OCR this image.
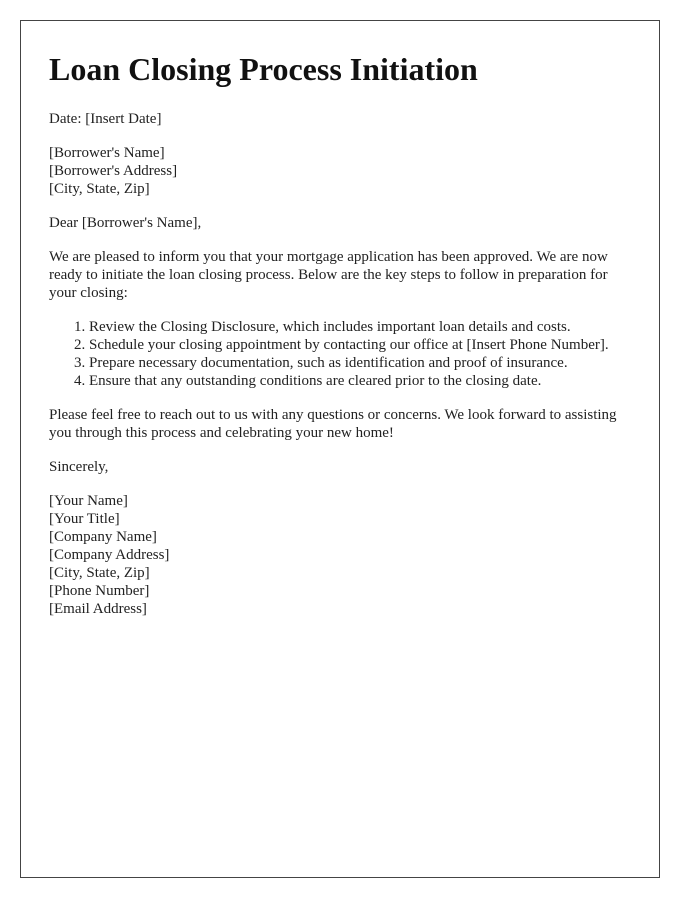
Loan Closing Process Initiation

Date: [Insert Date]

[Borrower's Name]
[Borrower's Address]
[City, State, Zip]

Dear [Borrower's Name],

We are pleased to inform you that your mortgage application has been approved. We are now ready to initiate the loan closing process. Below are the key steps to follow in preparation for your closing:

1. Review the Closing Disclosure, which includes important loan details and costs.
2. Schedule your closing appointment by contacting our office at [Insert Phone Number].
3. Prepare necessary documentation, such as identification and proof of insurance.
4. Ensure that any outstanding conditions are cleared prior to the closing date.

Please feel free to reach out to us with any questions or concerns. We look forward to assisting you through this process and celebrating your new home!

Sincerely,

[Your Name]
[Your Title]
[Company Name]
[Company Address]
[City, State, Zip]
[Phone Number]
[Email Address]
